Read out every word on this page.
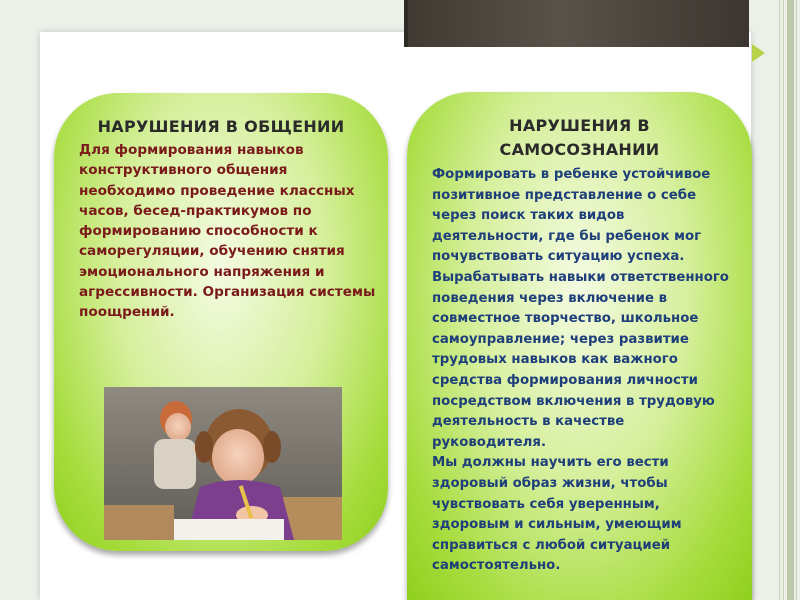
НАРУШЕНИЯ В ОБЩЕНИИ

Для формирования навыков конструктивного общения необходимо проведение классных часов, бесед-практикумов по формированию способности к саморегуляции, обучению снятия эмоционального напряжения и агрессивности. Организация системы поощрений.

НАРУШЕНИЯ В САМОСОЗНАНИИ

Формировать в ребенке устойчивое позитивное представление о себе через поиск таких видов деятельности, где бы ребенок мог почувствовать ситуацию успеха.

Вырабатывать навыки ответственного поведения через включение в совместное творчество, школьное самоуправление; через развитие трудовых навыков как важного средства формирования личности посредством включения в трудовую деятельность в качестве руководителя.

Мы должны научить его вести здоровый образ жизни, чтобы чувствовать себя уверенным, здоровым и сильным, умеющим справиться с любой ситуацией самостоятельно.
